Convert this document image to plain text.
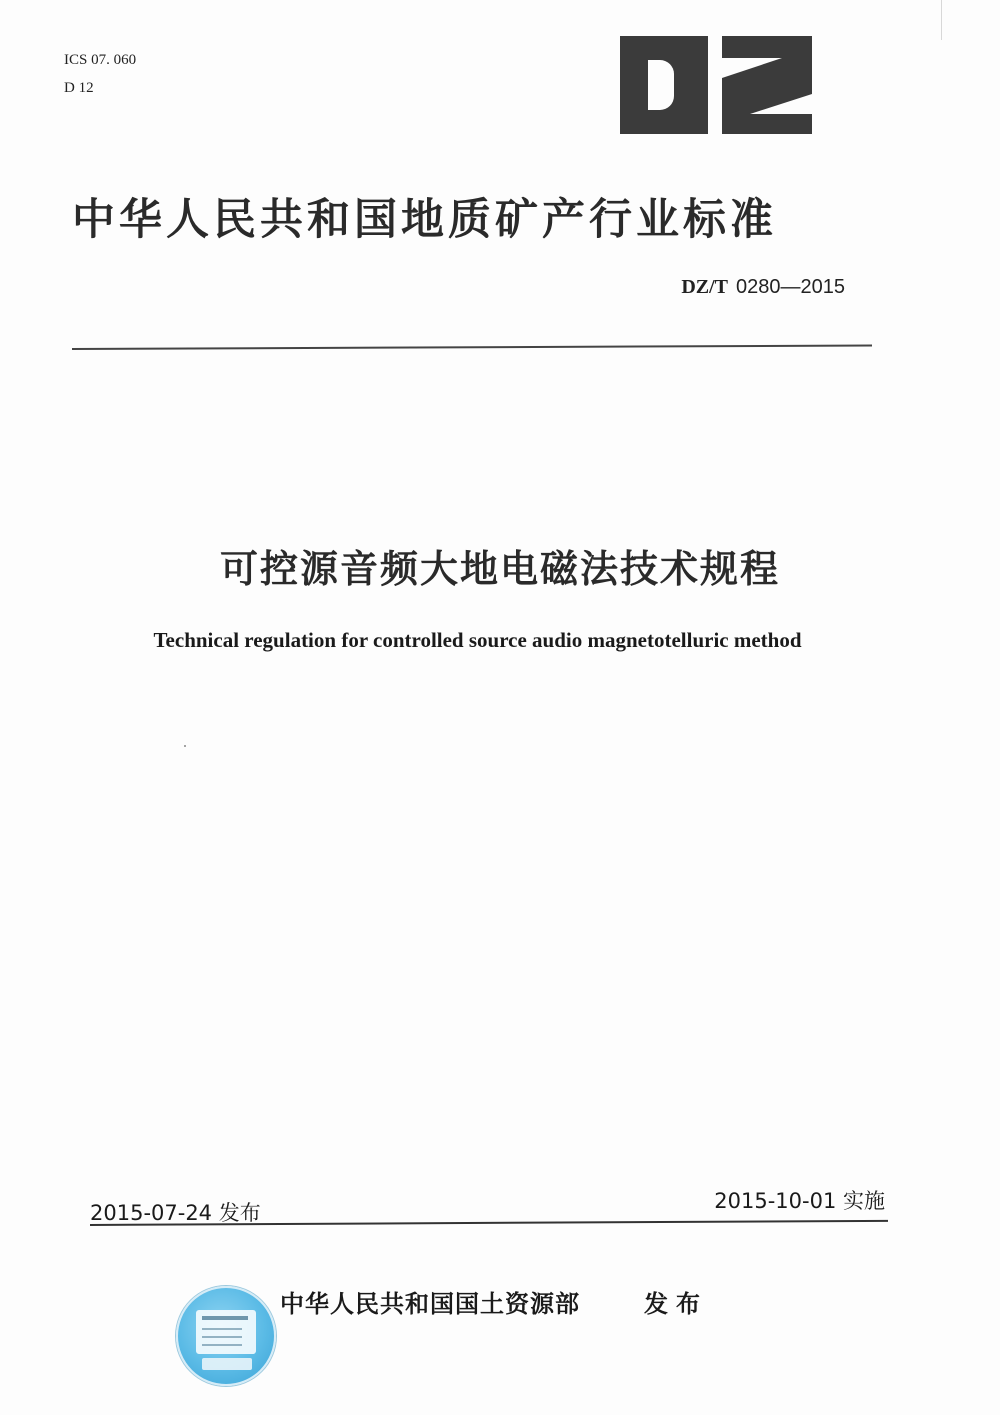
ICS 07. 060
D 12
中华人民共和国地质矿产行业标准
DZ/T 0280—2015
可控源音频大地电磁法技术规程
Technical regulation for controlled source audio magnetotelluric method
2015-07-24 发布	2015-10-01 实施
中华人民共和国国土资源部	发布
